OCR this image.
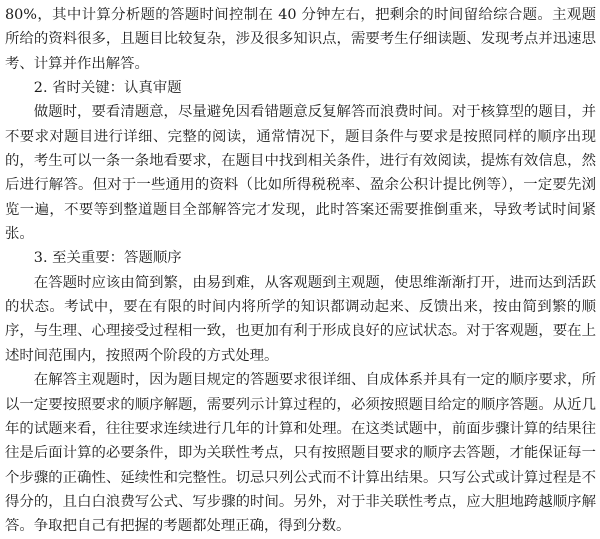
80%，其中计算分析题的答题时间控制在 40 分钟左右，把剩余的时间留给综合题。主观题所给的资料很多，且题目比较复杂，涉及很多知识点，需要考生仔细读题、发现考点并迅速思考、计算并作出解答。

2. 省时关键：认真审题

做题时，要看清题意，尽量避免因看错题意反复解答而浪费时间。对于核算型的题目，并不要求对题目进行详细、完整的阅读，通常情况下，题目条件与要求是按照同样的顺序出现的，考生可以一条一条地看要求，在题目中找到相关条件，进行有效阅读，提炼有效信息，然后进行解答。但对于一些通用的资料（比如所得税税率、盈余公积计提比例等），一定要先浏览一遍，不要等到整道题目全部解答完才发现，此时答案还需要推倒重来，导致考试时间紧张。

3. 至关重要：答题顺序

在答题时应该由简到繁，由易到难，从客观题到主观题，使思维渐渐打开，进而达到活跃的状态。考试中，要在有限的时间内将所学的知识都调动起来、反馈出来，按由简到繁的顺序，与生理、心理接受过程相一致，也更加有利于形成良好的应试状态。对于客观题，要在上述时间范围内，按照两个阶段的方式处理。

在解答主观题时，因为题目规定的答题要求很详细、自成体系并具有一定的顺序要求，所以一定要按照要求的顺序解题，需要列示计算过程的，必须按照题目给定的顺序答题。从近几年的试题来看，往往要求连续进行几年的计算和处理。在这类试题中，前面步骤计算的结果往往是后面计算的必要条件，即为关联性考点，只有按照题目要求的顺序去答题，才能保证每一个步骤的正确性、延续性和完整性。切忌只列公式而不计算出结果。只写公式或计算过程是不得分的，且白白浪费写公式、写步骤的时间。另外，对于非关联性考点，应大胆地跨越顺序解答。争取把自己有把握的考题都处理正确，得到分数。
